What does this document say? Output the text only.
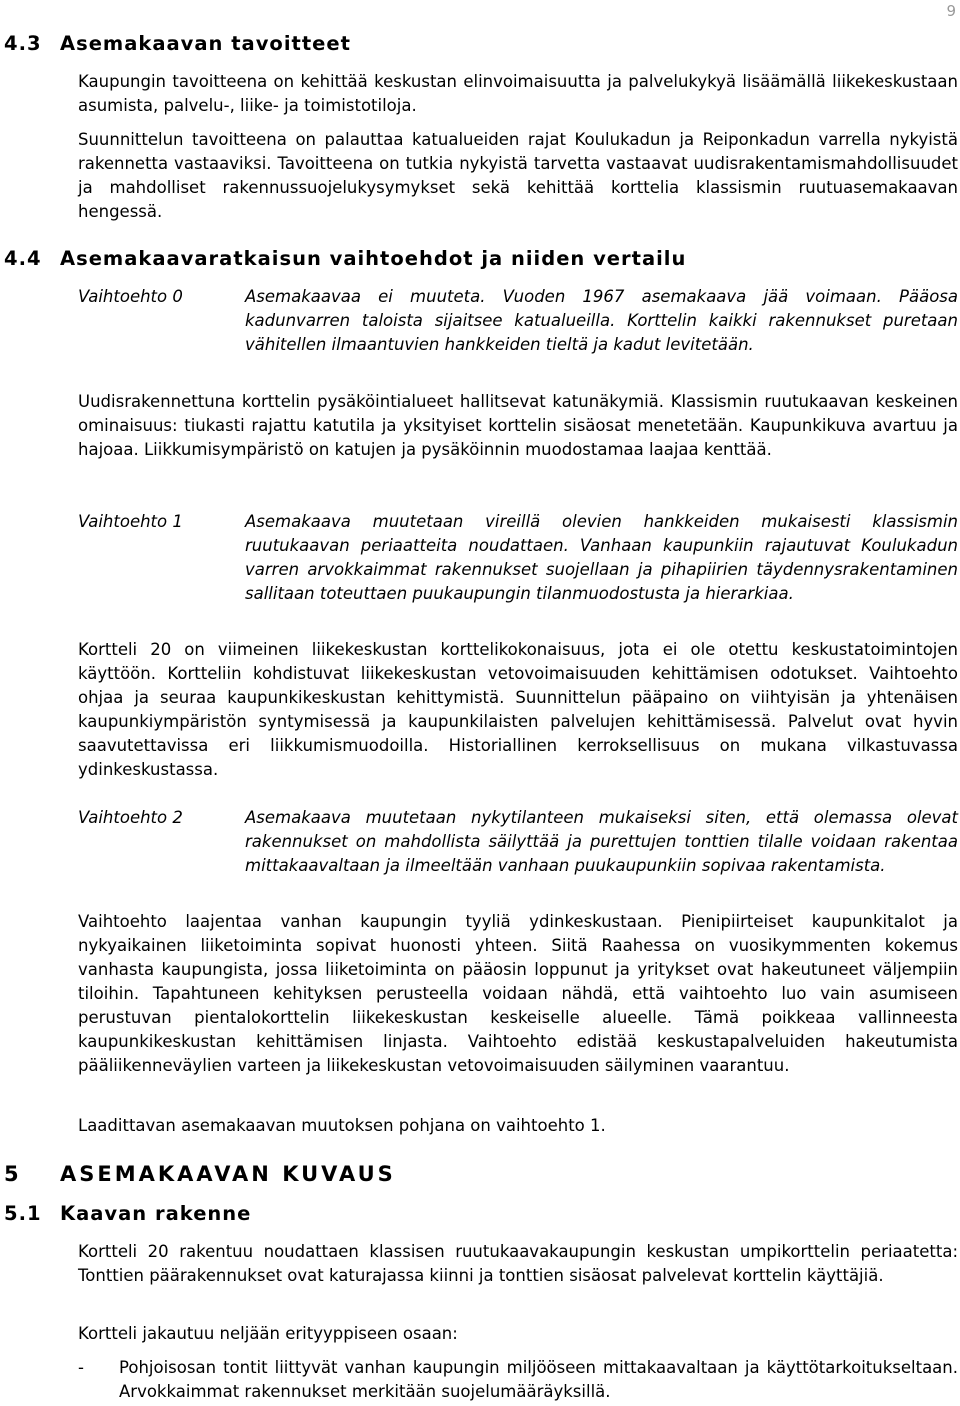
9
4.3 Asemakaavan tavoitteet

Kaupungin tavoitteena on kehittää keskustan elinvoimaisuutta ja palvelukykyä lisäämällä liikekeskustaan asumista, palvelu-, liike- ja toimistotiloja.

Suunnittelun tavoitteena on palauttaa katualueiden rajat Koulukadun ja Reiponkadun varrella nykyistä rakennetta vastaaviksi. Tavoitteena on tutkia nykyistä tarvetta vastaavat uudisrakentamismahdollisuudet ja mahdolliset rakennussuojelukysymykset sekä kehittää korttelia klassismin ruutuasemakaavan hengessä.

4.4 Asemakaavaratkaisun vaihtoehdot ja niiden vertailu
Vaihtoehto 0	Asemakaavaa ei muuteta. Vuoden 1967 asemakaava jää voimaan. Pääosa kadunvarren taloista sijaitsee katualueilla. Korttelin kaikki rakennukset puretaan vähitellen ilmaantuvien hankkeiden tieltä ja kadut levitetään.

Uudisrakennettuna korttelin pysäköintialueet hallitsevat katunäkymiä. Klassismin ruutukaavan keskeinen ominaisuus: tiukasti rajattu katutila ja yksityiset korttelin sisäosat menetetään. Kaupunkikuva avartuu ja hajoaa. Liikkumisympäristö on katujen ja pysäköinnin muodostamaa laajaa kenttää.

Vaihtoehto 1	Asemakaava muutetaan vireillä olevien hankkeiden mukaisesti klassismin ruutukaavan periaatteita noudattaen. Vanhaan kaupunkiin rajautuvat Koulukadun varren arvokkaimmat rakennukset suojellaan ja pihapiirien täydennysrakentaminen sallitaan toteuttaen puukaupungin tilanmuodostusta ja hierarkiaa.

Kortteli 20 on viimeinen liikekeskustan korttelikokonaisuus, jota ei ole otettu keskustatoimintojen käyttöön. Kortteliin kohdistuvat liikekeskustan vetovoimaisuuden kehittämisen odotukset. Vaihtoehto ohjaa ja seuraa kaupunkikeskustan kehittymistä. Suunnittelun pääpaino on viihtyisän ja yhtenäisen kaupunkiympäristön syntymisessä ja kaupunkilaisten palvelujen kehittämisessä. Palvelut ovat hyvin saavutettavissa eri liikkumismuodoilla. Historiallinen kerroksellisuus on mukana vilkastuvassa ydinkeskustassa.

Vaihtoehto 2	Asemakaava muutetaan nykytilanteen mukaiseksi siten, että olemassa olevat rakennukset on mahdollista säilyttää ja purettujen tonttien tilalle voidaan rakentaa mittakaavaltaan ja ilmeeltään vanhaan puukaupunkiin sopivaa rakentamista.

Vaihtoehto laajentaa vanhan kaupungin tyyliä ydinkeskustaan. Pienipiirteiset kaupunkitalot ja nykyaikainen liiketoiminta sopivat huonosti yhteen. Siitä Raahessa on vuosikymmenten kokemus vanhasta kaupungista, jossa liiketoiminta on pääosin loppunut ja yritykset ovat hakeutuneet väljempiin tiloihin. Tapahtuneen kehityksen perusteella voidaan nähdä, että vaihtoehto luo vain asumiseen perustuvan pientalokorttelin liikekeskustan keskeiselle alueelle. Tämä poikkeaa vallinneesta kaupunkikeskustan kehittämisen linjasta. Vaihtoehto edistää keskustapalveluiden hakeutumista pääliikenneväylien varteen ja liikekeskustan vetovoimaisuuden säilyminen vaarantuu.

Laadittavan asemakaavan muutoksen pohjana on vaihtoehto 1.

5 ASEMAKAAVAN KUVAUS
5.1 Kaavan rakenne

Kortteli 20 rakentuu noudattaen klassisen ruutukaavakaupungin keskustan umpikorttelin periaatetta: Tonttien päärakennukset ovat katurajassa kiinni ja tonttien sisäosat palvelevat korttelin käyttäjiä.

Kortteli jakautuu neljään erityyppiseen osaan:

- Pohjoisosan tontit liittyvät vanhan kaupungin miljööseen mittakaavaltaan ja käyttötarkoitukseltaan. Arvokkaimmat rakennukset merkitään suojelumääräyksillä.
